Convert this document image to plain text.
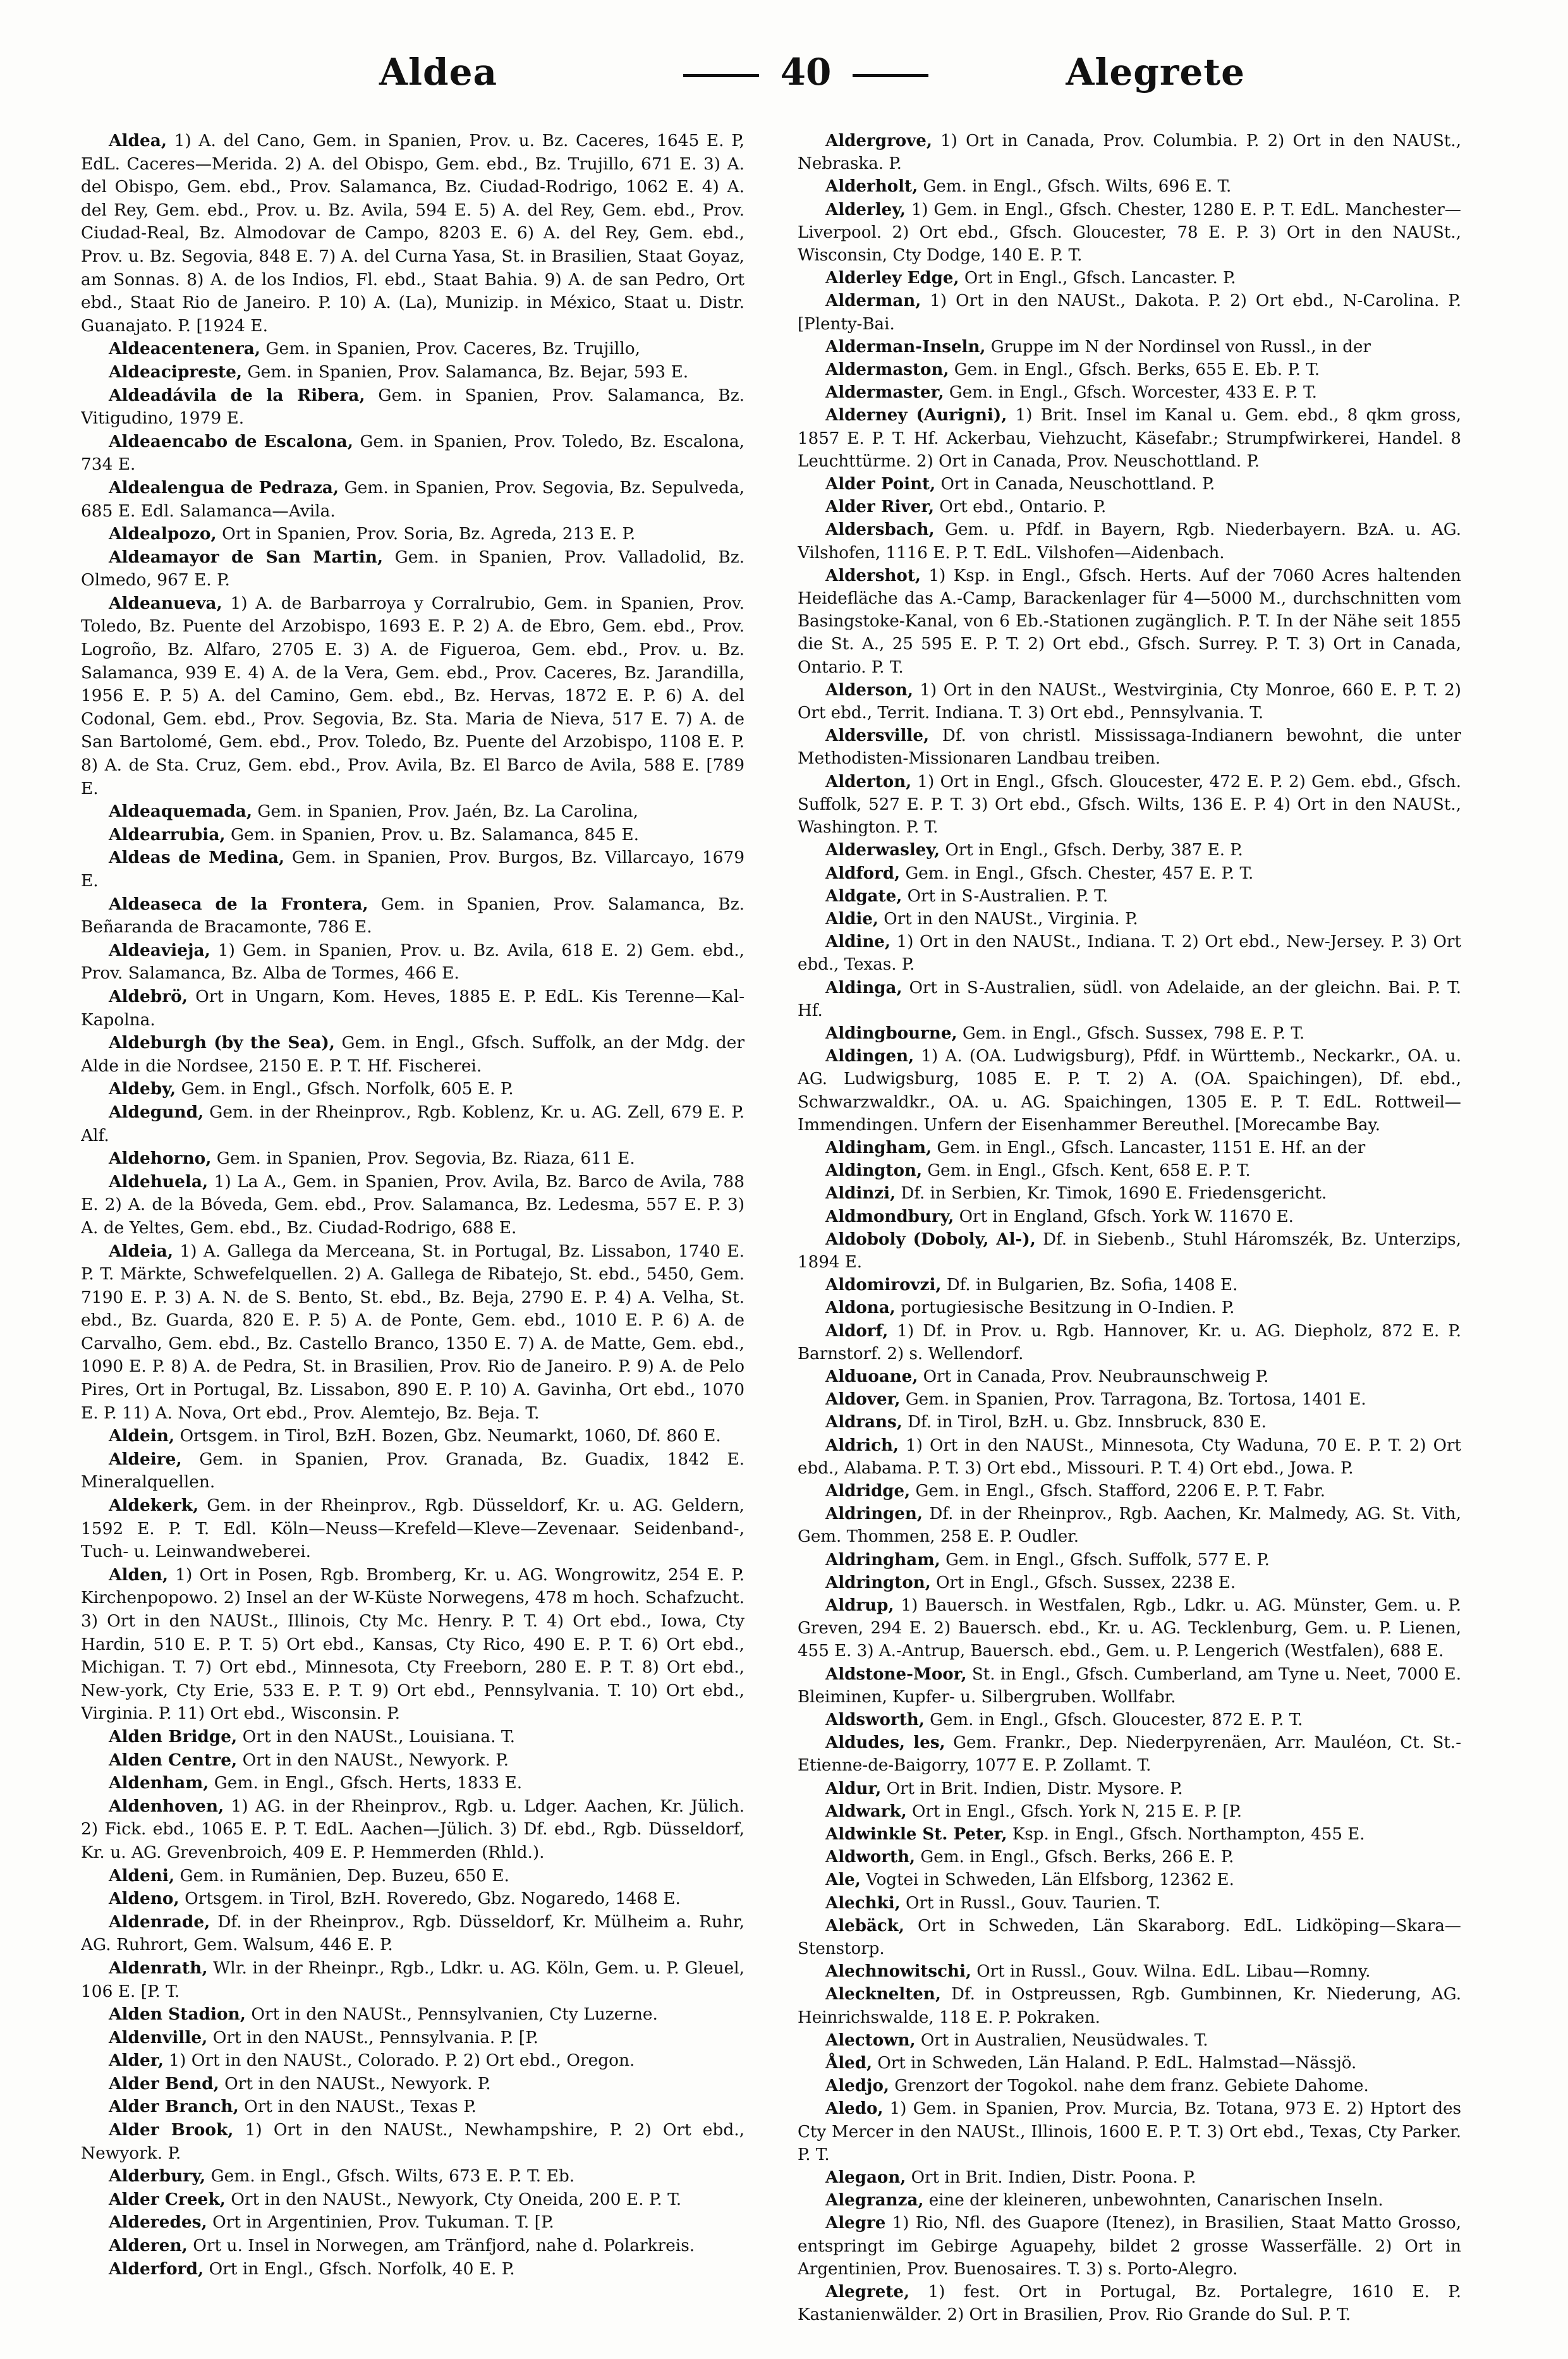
Aldea	40	Alegrete

Aldea, 1) A. del Cano, Gem. in Spanien, Prov. u. Bz. Caceres, 1645 E. P, EdL. Caceres—Merida. 2) A. del Obispo, Gem. ebd., Bz. Trujillo, 671 E. 3) A. del Obispo, Gem. ebd., Prov. Salamanca, Bz. Ciudad-Rodrigo, 1062 E. 4) A. del Rey, Gem. ebd., Prov. u. Bz. Avila, 594 E. 5) A. del Rey, Gem. ebd., Prov. Ciudad-Real, Bz. Almodovar de Campo, 8203 E. 6) A. del Rey, Gem. ebd., Prov. u. Bz. Segovia, 848 E. 7) A. del Curna Yasa, St. in Brasilien, Staat Goyaz, am Sonnas. 8) A. de los Indios, Fl. ebd., Staat Bahia. 9) A. de san Pedro, Ort ebd., Staat Rio de Janeiro. P. 10) A. (La), Munizip. in México, Staat u. Distr. Guanajato. P. [1924 E.

Aldeacentenera, Gem. in Spanien, Prov. Caceres, Bz. Trujillo,

Aldeacipreste, Gem. in Spanien, Prov. Salamanca, Bz. Bejar, 593 E.

Aldeadávila de la Ribera, Gem. in Spanien, Prov. Salamanca, Bz. Vitigudino, 1979 E.

Aldeaencabo de Escalona, Gem. in Spanien, Prov. Toledo, Bz. Escalona, 734 E.

Aldealengua de Pedraza, Gem. in Spanien, Prov. Segovia, Bz. Sepulveda, 685 E. Edl. Salamanca—Avila.

Aldealpozo, Ort in Spanien, Prov. Soria, Bz. Agreda, 213 E. P.

Aldeamayor de San Martin, Gem. in Spanien, Prov. Valladolid, Bz. Olmedo, 967 E. P.

Aldeanueva, 1) A. de Barbarroya y Corralrubio, Gem. in Spanien, Prov. Toledo, Bz. Puente del Arzobispo, 1693 E. P. 2) A. de Ebro, Gem. ebd., Prov. Logroño, Bz. Alfaro, 2705 E. 3) A. de Figueroa, Gem. ebd., Prov. u. Bz. Salamanca, 939 E. 4) A. de la Vera, Gem. ebd., Prov. Caceres, Bz. Jarandilla, 1956 E. P. 5) A. del Camino, Gem. ebd., Bz. Hervas, 1872 E. P. 6) A. del Codonal, Gem. ebd., Prov. Segovia, Bz. Sta. Maria de Nieva, 517 E. 7) A. de San Bartolomé, Gem. ebd., Prov. Toledo, Bz. Puente del Arzobispo, 1108 E. P. 8) A. de Sta. Cruz, Gem. ebd., Prov. Avila, Bz. El Barco de Avila, 588 E. [789 E.

Aldeaquemada, Gem. in Spanien, Prov. Jaén, Bz. La Carolina,

Aldearrubia, Gem. in Spanien, Prov. u. Bz. Salamanca, 845 E.

Aldeas de Medina, Gem. in Spanien, Prov. Burgos, Bz. Villarcayo, 1679 E.

Aldeaseca de la Frontera, Gem. in Spanien, Prov. Salamanca, Bz. Beñaranda de Bracamonte, 786 E.

Aldeavieja, 1) Gem. in Spanien, Prov. u. Bz. Avila, 618 E. 2) Gem. ebd., Prov. Salamanca, Bz. Alba de Tormes, 466 E.

Aldebrö, Ort in Ungarn, Kom. Heves, 1885 E. P. EdL. Kis Terenne—Kal-Kapolna.

Aldeburgh (by the Sea), Gem. in Engl., Gfsch. Suffolk, an der Mdg. der Alde in die Nordsee, 2150 E. P. T. Hf. Fischerei.

Aldeby, Gem. in Engl., Gfsch. Norfolk, 605 E. P.

Aldegund, Gem. in der Rheinprov., Rgb. Koblenz, Kr. u. AG. Zell, 679 E. P. Alf.

Aldehorno, Gem. in Spanien, Prov. Segovia, Bz. Riaza, 611 E.

Aldehuela, 1) La A., Gem. in Spanien, Prov. Avila, Bz. Barco de Avila, 788 E. 2) A. de la Bóveda, Gem. ebd., Prov. Salamanca, Bz. Ledesma, 557 E. P. 3) A. de Yeltes, Gem. ebd., Bz. Ciudad-Rodrigo, 688 E.

Aldeia, 1) A. Gallega da Merceana, St. in Portugal, Bz. Lissabon, 1740 E. P. T. Märkte, Schwefelquellen. 2) A. Gallega de Ribatejo, St. ebd., 5450, Gem. 7190 E. P. 3) A. N. de S. Bento, St. ebd., Bz. Beja, 2790 E. P. 4) A. Velha, St. ebd., Bz. Guarda, 820 E. P. 5) A. de Ponte, Gem. ebd., 1010 E. P. 6) A. de Carvalho, Gem. ebd., Bz. Castello Branco, 1350 E. 7) A. de Matte, Gem. ebd., 1090 E. P. 8) A. de Pedra, St. in Brasilien, Prov. Rio de Janeiro. P. 9) A. de Pelo Pires, Ort in Portugal, Bz. Lissabon, 890 E. P. 10) A. Gavinha, Ort ebd., 1070 E. P. 11) A. Nova, Ort ebd., Prov. Alemtejo, Bz. Beja. T.

Aldein, Ortsgem. in Tirol, BzH. Bozen, Gbz. Neumarkt, 1060, Df. 860 E.

Aldeire, Gem. in Spanien, Prov. Granada, Bz. Guadix, 1842 E. Mineralquellen.

Aldekerk, Gem. in der Rheinprov., Rgb. Düsseldorf, Kr. u. AG. Geldern, 1592 E. P. T. Edl. Köln—Neuss—Krefeld—Kleve—Zevenaar. Seidenband-, Tuch- u. Leinwandweberei.

Alden, 1) Ort in Posen, Rgb. Bromberg, Kr. u. AG. Wongrowitz, 254 E. P. Kirchenpopowo. 2) Insel an der W-Küste Norwegens, 478 m hoch. Schafzucht. 3) Ort in den NAUSt., Illinois, Cty Mc. Henry. P. T. 4) Ort ebd., Iowa, Cty Hardin, 510 E. P. T. 5) Ort ebd., Kansas, Cty Rico, 490 E. P. T. 6) Ort ebd., Michigan. T. 7) Ort ebd., Minnesota, Cty Freeborn, 280 E. P. T. 8) Ort ebd., New-york, Cty Erie, 533 E. P. T. 9) Ort ebd., Pennsylvania. T. 10) Ort ebd., Virginia. P. 11) Ort ebd., Wisconsin. P.

Alden Bridge, Ort in den NAUSt., Louisiana. T.

Alden Centre, Ort in den NAUSt., Newyork. P.

Aldenham, Gem. in Engl., Gfsch. Herts, 1833 E.

Aldenhoven, 1) AG. in der Rheinprov., Rgb. u. Ldger. Aachen, Kr. Jülich. 2) Fick. ebd., 1065 E. P. T. EdL. Aachen—Jülich. 3) Df. ebd., Rgb. Düsseldorf, Kr. u. AG. Grevenbroich, 409 E. P. Hemmerden (Rhld.).

Aldeni, Gem. in Rumänien, Dep. Buzeu, 650 E.

Aldeno, Ortsgem. in Tirol, BzH. Roveredo, Gbz. Nogaredo, 1468 E.

Aldenrade, Df. in der Rheinprov., Rgb. Düsseldorf, Kr. Mülheim a. Ruhr, AG. Ruhrort, Gem. Walsum, 446 E. P.

Aldenrath, Wlr. in der Rheinpr., Rgb., Ldkr. u. AG. Köln, Gem. u. P. Gleuel, 106 E. [P. T.

Alden Stadion, Ort in den NAUSt., Pennsylvanien, Cty Luzerne.

Aldenville, Ort in den NAUSt., Pennsylvania. P. [P.

Alder, 1) Ort in den NAUSt., Colorado. P. 2) Ort ebd., Oregon.

Alder Bend, Ort in den NAUSt., Newyork. P.

Alder Branch, Ort in den NAUSt., Texas P.

Alder Brook, 1) Ort in den NAUSt., Newhampshire, P. 2) Ort ebd., Newyork. P.

Alderbury, Gem. in Engl., Gfsch. Wilts, 673 E. P. T. Eb.

Alder Creek, Ort in den NAUSt., Newyork, Cty Oneida, 200 E. P. T.

Alderedes, Ort in Argentinien, Prov. Tukuman. T. [P.

Alderen, Ort u. Insel in Norwegen, am Tränfjord, nahe d. Polarkreis.

Alderford, Ort in Engl., Gfsch. Norfolk, 40 E. P.

Aldergrove, 1) Ort in Canada, Prov. Columbia. P. 2) Ort in den NAUSt., Nebraska. P.

Alderholt, Gem. in Engl., Gfsch. Wilts, 696 E. T.

Alderley, 1) Gem. in Engl., Gfsch. Chester, 1280 E. P. T. EdL. Manchester—Liverpool. 2) Ort ebd., Gfsch. Gloucester, 78 E. P. 3) Ort in den NAUSt., Wisconsin, Cty Dodge, 140 E. P. T.

Alderley Edge, Ort in Engl., Gfsch. Lancaster. P.

Alderman, 1) Ort in den NAUSt., Dakota. P. 2) Ort ebd., N-Carolina. P. [Plenty-Bai.

Alderman-Inseln, Gruppe im N der Nordinsel von Russl., in der

Aldermaston, Gem. in Engl., Gfsch. Berks, 655 E. Eb. P. T.

Aldermaster, Gem. in Engl., Gfsch. Worcester, 433 E. P. T.

Alderney (Aurigni), 1) Brit. Insel im Kanal u. Gem. ebd., 8 qkm gross, 1857 E. P. T. Hf. Ackerbau, Viehzucht, Käsefabr.; Strumpfwirkerei, Handel. 8 Leuchttürme. 2) Ort in Canada, Prov. Neuschottland. P.

Alder Point, Ort in Canada, Neuschottland. P.

Alder River, Ort ebd., Ontario. P.

Aldersbach, Gem. u. Pfdf. in Bayern, Rgb. Niederbayern. BzA. u. AG. Vilshofen, 1116 E. P. T. EdL. Vilshofen—Aidenbach.

Aldershot, 1) Ksp. in Engl., Gfsch. Herts. Auf der 7060 Acres haltenden Heidefläche das A.-Camp, Barackenlager für 4—5000 M., durchschnitten vom Basingstoke-Kanal, von 6 Eb.-Stationen zugänglich. P. T. In der Nähe seit 1855 die St. A., 25 595 E. P. T. 2) Ort ebd., Gfsch. Surrey. P. T. 3) Ort in Canada, Ontario. P. T.

Alderson, 1) Ort in den NAUSt., Westvirginia, Cty Monroe, 660 E. P. T. 2) Ort ebd., Territ. Indiana. T. 3) Ort ebd., Pennsylvania. T.

Aldersville, Df. von christl. Mississaga-Indianern bewohnt, die unter Methodisten-Missionaren Landbau treiben.

Alderton, 1) Ort in Engl., Gfsch. Gloucester, 472 E. P. 2) Gem. ebd., Gfsch. Suffolk, 527 E. P. T. 3) Ort ebd., Gfsch. Wilts, 136 E. P. 4) Ort in den NAUSt., Washington. P. T.

Alderwasley, Ort in Engl., Gfsch. Derby, 387 E. P.

Aldford, Gem. in Engl., Gfsch. Chester, 457 E. P. T.

Aldgate, Ort in S-Australien. P. T.

Aldie, Ort in den NAUSt., Virginia. P.

Aldine, 1) Ort in den NAUSt., Indiana. T. 2) Ort ebd., New-Jersey. P. 3) Ort ebd., Texas. P.

Aldinga, Ort in S-Australien, südl. von Adelaide, an der gleichn. Bai. P. T. Hf.

Aldingbourne, Gem. in Engl., Gfsch. Sussex, 798 E. P. T.

Aldingen, 1) A. (OA. Ludwigsburg), Pfdf. in Württemb., Neckarkr., OA. u. AG. Ludwigsburg, 1085 E. P. T. 2) A. (OA. Spaichingen), Df. ebd., Schwarzwaldkr., OA. u. AG. Spaichingen, 1305 E. P. T. EdL. Rottweil—Immendingen. Unfern der Eisenhammer Bereuthel. [Morecambe Bay.

Aldingham, Gem. in Engl., Gfsch. Lancaster, 1151 E. Hf. an der

Aldington, Gem. in Engl., Gfsch. Kent, 658 E. P. T.

Aldinzi, Df. in Serbien, Kr. Timok, 1690 E. Friedensgericht.

Aldmondbury, Ort in England, Gfsch. York W. 11670 E.

Aldoboly (Doboly, Al-), Df. in Siebenb., Stuhl Háromszék, Bz. Unterzips, 1894 E.

Aldomirovzi, Df. in Bulgarien, Bz. Sofia, 1408 E.

Aldona, portugiesische Besitzung in O-Indien. P.

Aldorf, 1) Df. in Prov. u. Rgb. Hannover, Kr. u. AG. Diepholz, 872 E. P. Barnstorf. 2) s. Wellendorf.

Alduoane, Ort in Canada, Prov. Neubraunschweig P.

Aldover, Gem. in Spanien, Prov. Tarragona, Bz. Tortosa, 1401 E.

Aldrans, Df. in Tirol, BzH. u. Gbz. Innsbruck, 830 E.

Aldrich, 1) Ort in den NAUSt., Minnesota, Cty Waduna, 70 E. P. T. 2) Ort ebd., Alabama. P. T. 3) Ort ebd., Missouri. P. T. 4) Ort ebd., Jowa. P.

Aldridge, Gem. in Engl., Gfsch. Stafford, 2206 E. P. T. Fabr.

Aldringen, Df. in der Rheinprov., Rgb. Aachen, Kr. Malmedy, AG. St. Vith, Gem. Thommen, 258 E. P. Oudler.

Aldringham, Gem. in Engl., Gfsch. Suffolk, 577 E. P.

Aldrington, Ort in Engl., Gfsch. Sussex, 2238 E.

Aldrup, 1) Bauersch. in Westfalen, Rgb., Ldkr. u. AG. Münster, Gem. u. P. Greven, 294 E. 2) Bauersch. ebd., Kr. u. AG. Tecklenburg, Gem. u. P. Lienen, 455 E. 3) A.-Antrup, Bauersch. ebd., Gem. u. P. Lengerich (Westfalen), 688 E.

Aldstone-Moor, St. in Engl., Gfsch. Cumberland, am Tyne u. Neet, 7000 E. Bleiminen, Kupfer- u. Silbergruben. Wollfabr.

Aldsworth, Gem. in Engl., Gfsch. Gloucester, 872 E. P. T.

Aldudes, les, Gem. Frankr., Dep. Niederpyrenäen, Arr. Mauléon, Ct. St.-Etienne-de-Baigorry, 1077 E. P. Zollamt. T.

Aldur, Ort in Brit. Indien, Distr. Mysore. P.

Aldwark, Ort in Engl., Gfsch. York N, 215 E. P. [P.

Aldwinkle St. Peter, Ksp. in Engl., Gfsch. Northampton, 455 E.

Aldworth, Gem. in Engl., Gfsch. Berks, 266 E. P.

Ale, Vogtei in Schweden, Län Elfsborg, 12362 E.

Alechki, Ort in Russl., Gouv. Taurien. T.

Alebäck, Ort in Schweden, Län Skaraborg. EdL. Lidköping—Skara—Stenstorp.

Alechnowitschi, Ort in Russl., Gouv. Wilna. EdL. Libau—Romny.

Alecknelten, Df. in Ostpreussen, Rgb. Gumbinnen, Kr. Niederung, AG. Heinrichswalde, 118 E. P. Pokraken.

Alectown, Ort in Australien, Neusüdwales. T.

Åled, Ort in Schweden, Län Haland. P. EdL. Halmstad—Nässjö.

Aledjo, Grenzort der Togokol. nahe dem franz. Gebiete Dahome.

Aledo, 1) Gem. in Spanien, Prov. Murcia, Bz. Totana, 973 E. 2) Hptort des Cty Mercer in den NAUSt., Illinois, 1600 E. P. T. 3) Ort ebd., Texas, Cty Parker. P. T.

Alegaon, Ort in Brit. Indien, Distr. Poona. P.

Alegranza, eine der kleineren, unbewohnten, Canarischen Inseln.

Alegre 1) Rio, Nfl. des Guapore (Itenez), in Brasilien, Staat Matto Grosso, entspringt im Gebirge Aguapehy, bildet 2 grosse Wasserfälle. 2) Ort in Argentinien, Prov. Buenosaires. T. 3) s. Porto-Alegro.

Alegrete, 1) fest. Ort in Portugal, Bz. Portalegre, 1610 E. P. Kastanienwälder. 2) Ort in Brasilien, Prov. Rio Grande do Sul. P. T.
